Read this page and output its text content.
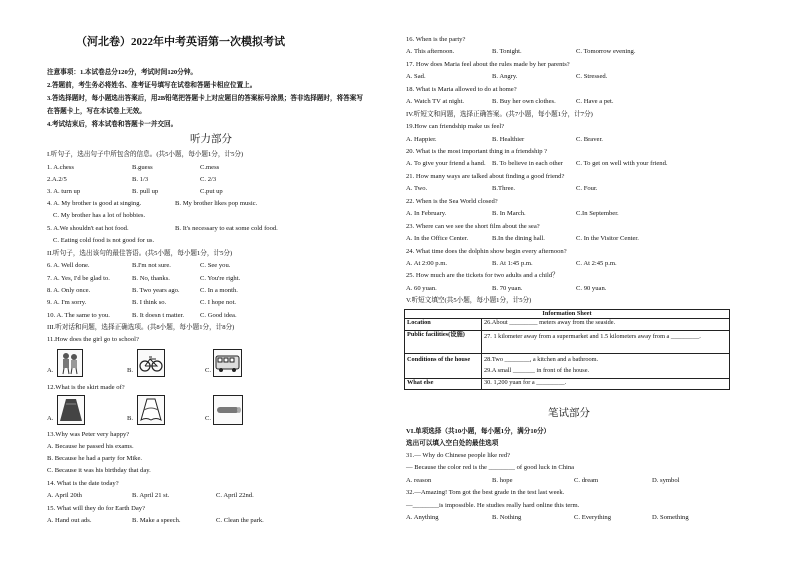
（河北卷）2022年中考英语第一次模拟考试
注意事项：1.本试卷总分120分，考试时间120分钟。
2.答题前，考生务必将姓名、准考证号填写在试卷和答题卡相应位置上。
3.答选择题时，每小题选出答案后，用2B铅笔把答题卡上对应题目的答案标号涂黑；答非选择题时，将答案写
在答题卡上，写在本试卷上无效。
4.考试结束后，将本试卷和答题卡一并交回。
听力部分
I.听句子，选出句子中所包含的信息。(共5小题，每小题1分，计5分)
1. A.chess	B.guess	C.mess
2.A.2/5	B. 1/3	C. 2/3
3. A. turn up	B. pull up	C.put up
4. A. My brother is good at singing.	B. My brother likes pop music.
C. My brother has a lot of hobbies.
5. A.We shouldn't eat hot food.	B. It's necessary to eat some cold food.
C. Eating cold food is not good for us.
II.听句子，选出该句的最佳答语。(共5小题，每小题1分，计5分)
6. A. Well done.	B.I'm not sure.	C. See you.
7. A. Yes, I'd be glad to.	B. No, thanks.	C. You're right.
8. A. Only once.	B. Two years ago.	C. In a month.
9. A. I'm sorry.	B. I think so.	C. I hope not.
10. A. The same to you.	B. It doesn t matter. C. Good idea.
III.听对话和问题，选择正确选项。(共8小题，每小题1分，计8分)
11.How does the girl go to school?
A.	B.	C.
12.What is the skirt made of?
A.	B.	C.
13.Why was Peter very happy?
A. Because he passed his exams.
B. Because he had a party for Mike.
C. Because it was his birthday that day.
14. What is the date today?
A. April 20th	B. April 21 st.	C. April 22nd.
15. What will they do for Earth Day?
A. Hand out ads.	B. Make a speech.	C. Clean the park.
16. When is the party?
A. This afternoon.	B. Tonight.	C. Tomorrow evening.
17. How does Maria feel about the rules made by her parents?
A. Sad.	B. Angry.	C. Stressed.
18. What is Maria allowed to do at home?
A. Watch TV at night.	B. Buy her own clothes.	C. Have a pet.
IV.听短文和问题，选择正确答案。(共7小题，每小题1分，计7分)
19.How can friendship make us feel?
A. Happier.	B. Healthier	C. Braver.
20. What is the most important thing in a friendship ?
A. To give your friend a hand. B. To believe in each other C. To get on well with your friend.
21. How many ways are talked about finding a good friend?
A. Two.	B.Three.	C. Four.
22. When is the Sea World closed?
A. In February.	B. In March.	C.In September.
23. Where can we see the short film about the sea?
A. In the Office Center.	B.In the dining hall.	C. In the Visitor Center.
24. What time does the dolphin show begin every afternoon?
A. At 2:00 p.m.	B. At 1:45 p.m.	C. At 2:45 p.m.
25. How much are the tickets for two adults and a child？
A. 60 yuan.	B. 70 yuan.	C. 90 yuan.
V.听短文填空(共5小题，每小题1分，计5分)
Information Sheet	
Location	26.About _________ meters away from the seaside.
Public facilities(设施)	27. 1 kilometer away from a supermarket and 1.5 kilometers away from a _________.
Conditions of the house	28.Two ________, a kitchen and a bathroom.
29.A small _______ in front of the house.
What else	30. 1,200 yuan for a _________.
笔试部分
VI.单项选择（共10小题，每小题1分，满分10分）
选出可以填入空白处的最佳选项
31.— Why do Chinese people like red?
— Because the color red is the ________ of good luck in China
A. reason	B. hope	C. dream	D. symbol
32.—Amazing! Tom got the best grade in the test last week.
—________is impossible. He studies really hard online this term.
A. Anything	B. Nothing	C. Everything	D. Something
